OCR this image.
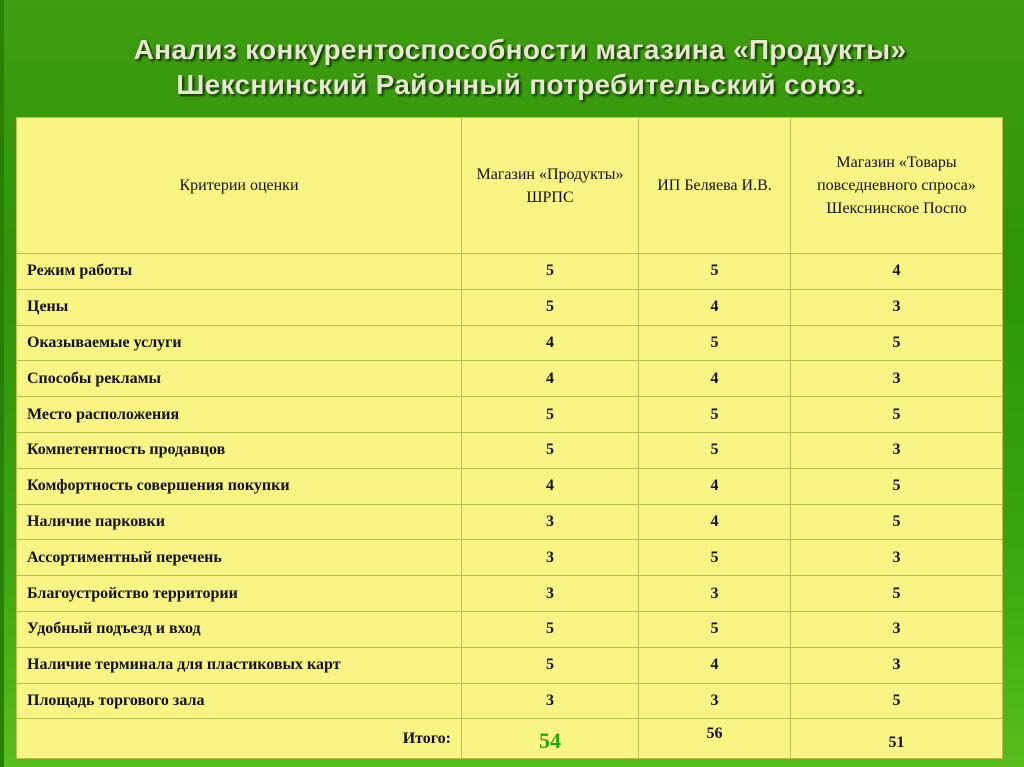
Анализ конкурентоспособности магазина «Продукты»
Шекснинский Районный потребительский союз.
Критерии оценки	Магазин «Продукты» ШРПС	ИП Беляева И.В.	Магазин «Товары повседневного спроса» Шекснинское Поспо
Режим работы	5	5	4
Цены	5	4	3
Оказываемые услуги	4	5	5
Способы рекламы	4	4	3
Место расположения	5	5	5
Компетентность продавцов	5	5	3
Комфортность совершения покупки	4	4	5
Наличие парковки	3	4	5
Ассортиментный перечень	3	5	3
Благоустройство территории	3	3	5
Удобный подъезд и вход	5	5	3
Наличие терминала для пластиковых карт	5	4	3
Площадь торгового зала	3	3	5
Итого:	54	56	51
